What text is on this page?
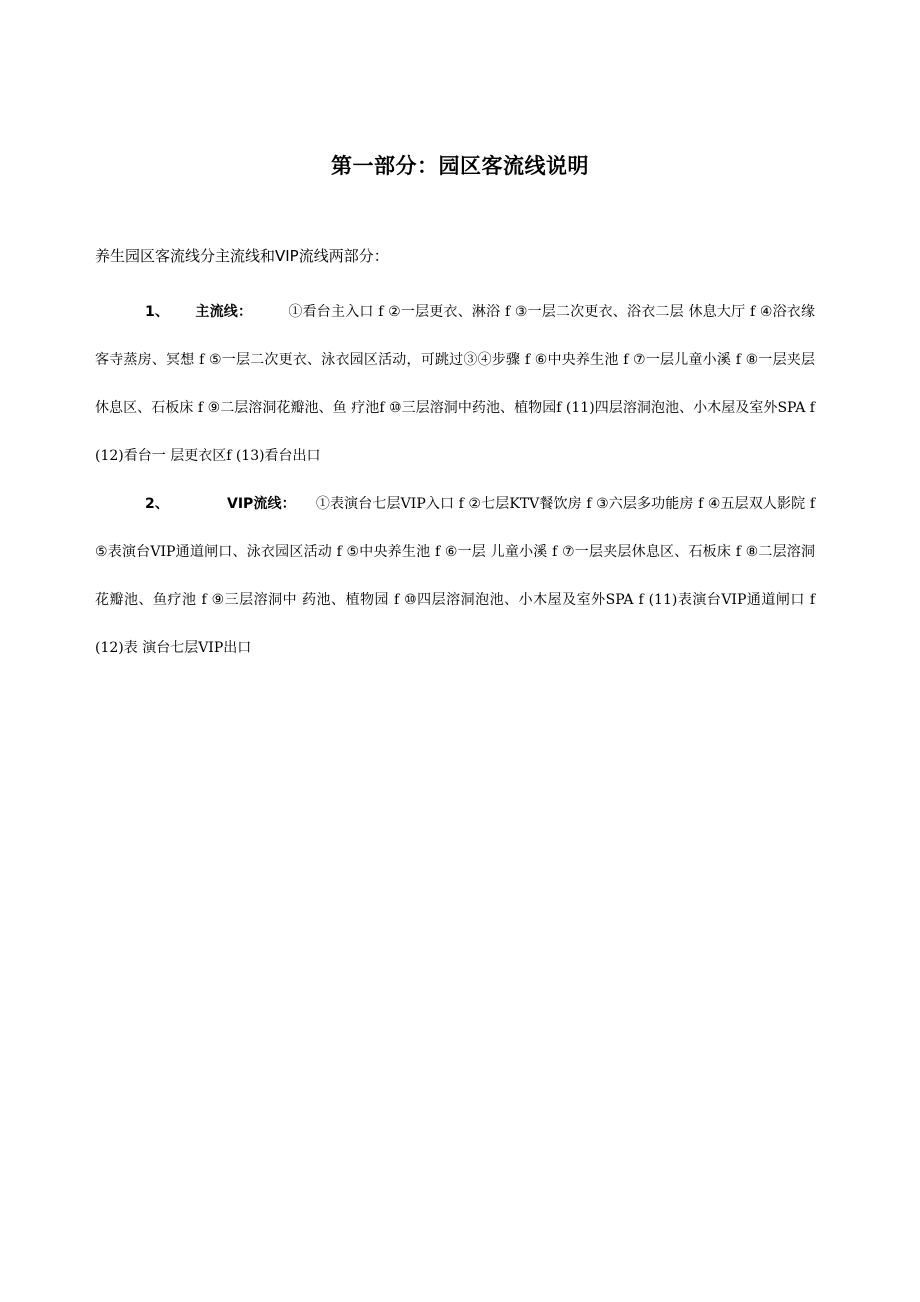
第一部分：园区客流线说明
养生园区客流线分主流线和VIP流线两部分：
1、 主流线：	①看台主入口 f ②一层更衣、淋浴 f ③一层二次更衣、浴衣二层 休息大厅 f ④浴衣缘客寺蒸房、冥想 f ⑤一层二次更衣、泳衣园区活动，可跳过③④步骤 f ⑥中央养生池 f ⑦一层儿童小溪 f ⑧一层夹层休息区、石板床 f ⑨二层溶洞花瓣池、鱼 疗池f ⑩三层溶洞中药池、植物园f (11)四层溶洞泡池、小木屋及室外SPA f (12)看台一 层更衣区f (13)看台出口
2、	VIP流线： ①表演台七层VIP入口 f ②七层KTV餐饮房 f ③六层多功能房 f ④五层双人影院 f ⑤表演台VIP通道闸口、泳衣园区活动 f ⑤中央养生池 f ⑥一层 儿童小溪 f ⑦一层夹层休息区、石板床 f ⑧二层溶洞花瓣池、鱼疗池 f ⑨三层溶洞中 药池、植物园 f ⑩四层溶洞泡池、小木屋及室外SPA f (11)表演台VIP通道闸口 f (12)表 演台七层VIP出口
